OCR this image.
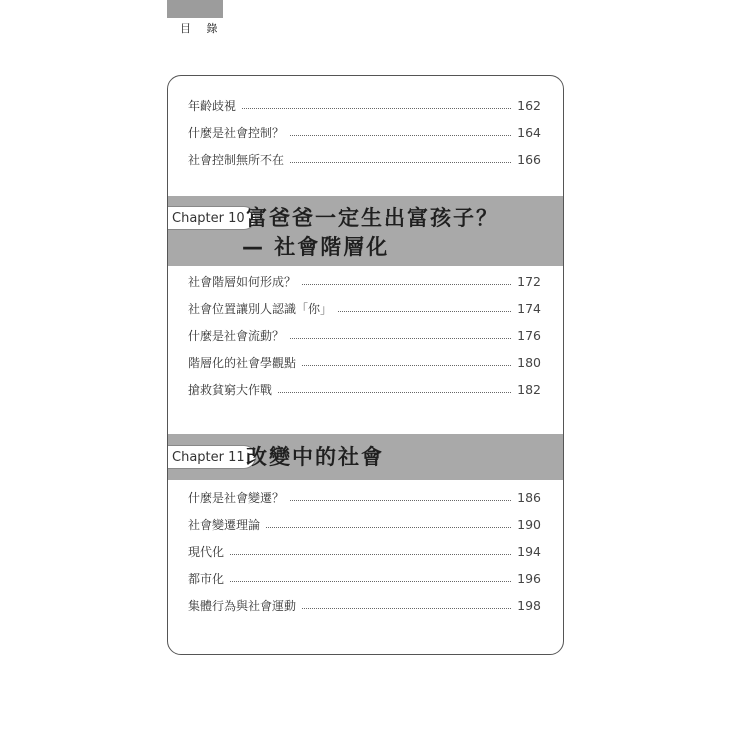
目 錄
年齡歧視	162
什麼是社會控制？	164
社會控制無所不在	166
Chapter 10 富爸爸一定生出富孩子？
— 社會階層化
社會階層如何形成？	172
社會位置讓別人認識「你」	174
什麼是社會流動？	176
階層化的社會學觀點	180
搶救貧窮大作戰	182
Chapter 11 改變中的社會
什麼是社會變遷？	186
社會變遷理論	190
現代化	194
都市化	196
集體行為與社會運動	198
